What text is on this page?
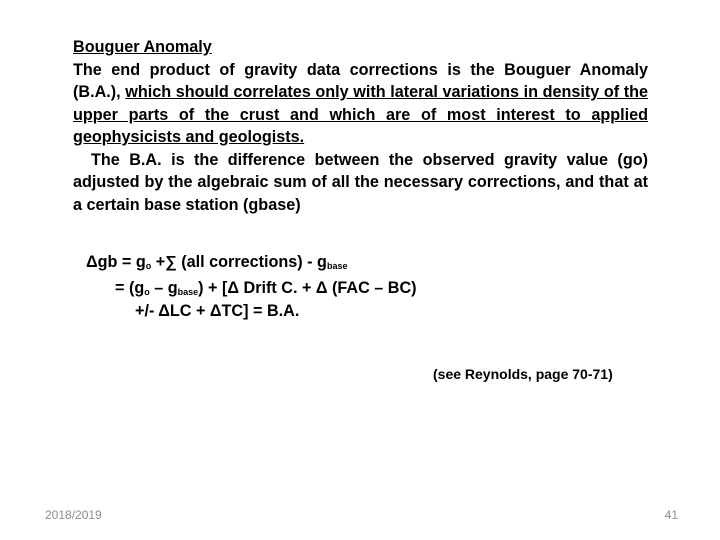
Bouguer Anomaly

The end product of gravity data corrections is the Bouguer Anomaly (B.A.), which should correlates only with lateral variations in density of the upper parts of the crust and which are of most interest to applied geophysicists and geologists.

The B.A. is the difference between the observed gravity value (go) adjusted by the algebraic sum of all the necessary corrections, and that at a certain base station (gbase)

$\Delta gb = g_o$ +∑ (all corrections) - $g_{base}$
= $(g_o - g_{base}) + [\Delta$ Drift C. + Δ (FAC – BC)
+/- ΔLC + ΔTC] = B.A.
(see Reynolds, page 70-71)
2018/2019	41
